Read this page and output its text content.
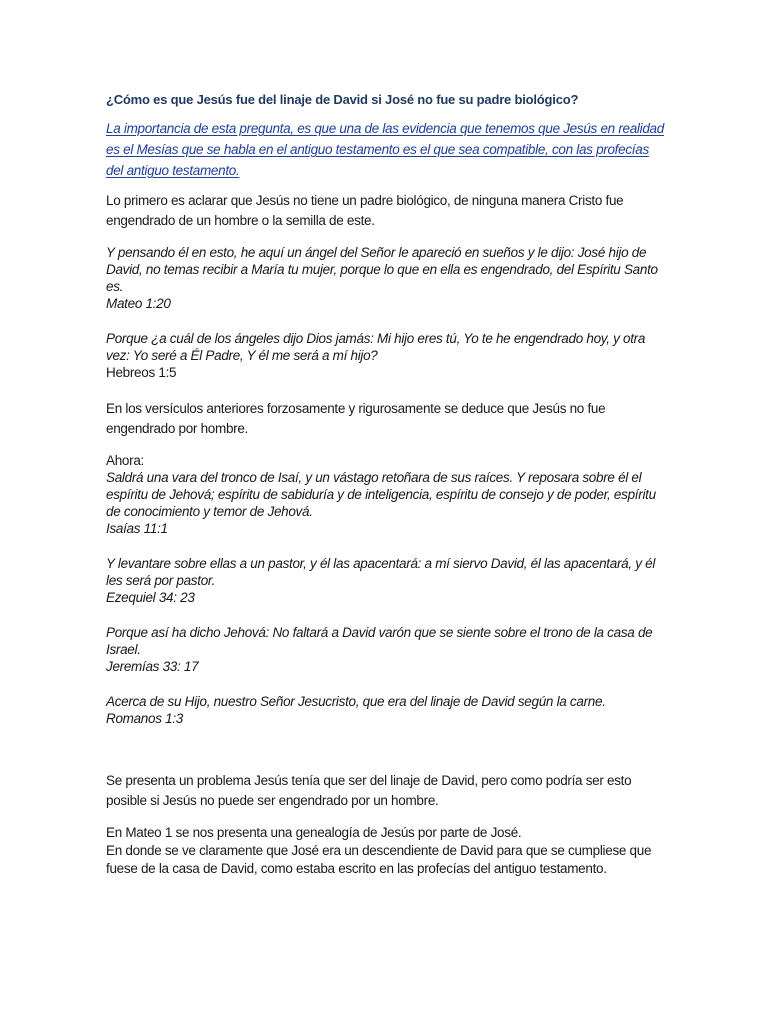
¿Cómo es que Jesús fue del linaje de David si José no fue su padre biológico?
La importancia de esta pregunta, es que una de las evidencia que tenemos que Jesús en realidad es el Mesías que se habla en el antiguo testamento es el que sea compatible, con las profecías del antiguo testamento.
Lo primero es aclarar que Jesús no tiene un padre biológico, de ninguna manera Cristo fue engendrado de un hombre o la semilla de este.
Y pensando él en esto, he aquí un ángel del Señor le apareció en sueños y le dijo: José hijo de David, no temas recibir a María tu mujer, porque lo que en ella es engendrado, del Espíritu Santo es.
Mateo 1:20
Porque ¿a cuál de los ángeles dijo Dios jamás: Mi hijo eres tú, Yo te he engendrado hoy, y otra vez: Yo seré a Él Padre, Y él me será a mí hijo?
Hebreos 1:5
En los versículos anteriores forzosamente y rigurosamente se deduce que Jesús no fue engendrado por hombre.
Ahora:
Saldrá una vara del tronco de Isaí, y un vástago retoñara de sus raíces. Y reposara sobre él el espíritu de Jehová; espíritu de sabiduría y de inteligencia, espíritu de consejo y de poder, espíritu de conocimiento y temor de Jehová.
Isaías 11:1
Y levantare sobre ellas a un pastor, y él las apacentará: a mí siervo David, él las apacentará, y él les será por pastor.
Ezequiel 34: 23
Porque así ha dicho Jehová: No faltará a David varón que se siente sobre el trono de la casa de Israel.
Jeremías 33: 17
Acerca de su Hijo, nuestro Señor Jesucristo, que era del linaje de David según la carne.
Romanos 1:3
Se presenta un problema Jesús tenía que ser del linaje de David, pero como podría ser esto posible si Jesús no puede ser engendrado por un hombre.
En Mateo 1 se nos presenta una genealogía de Jesús por parte de José.
En donde se ve claramente que José era un descendiente de David para que se cumpliese que fuese de la casa de David, como estaba escrito en las profecías del antiguo testamento.
